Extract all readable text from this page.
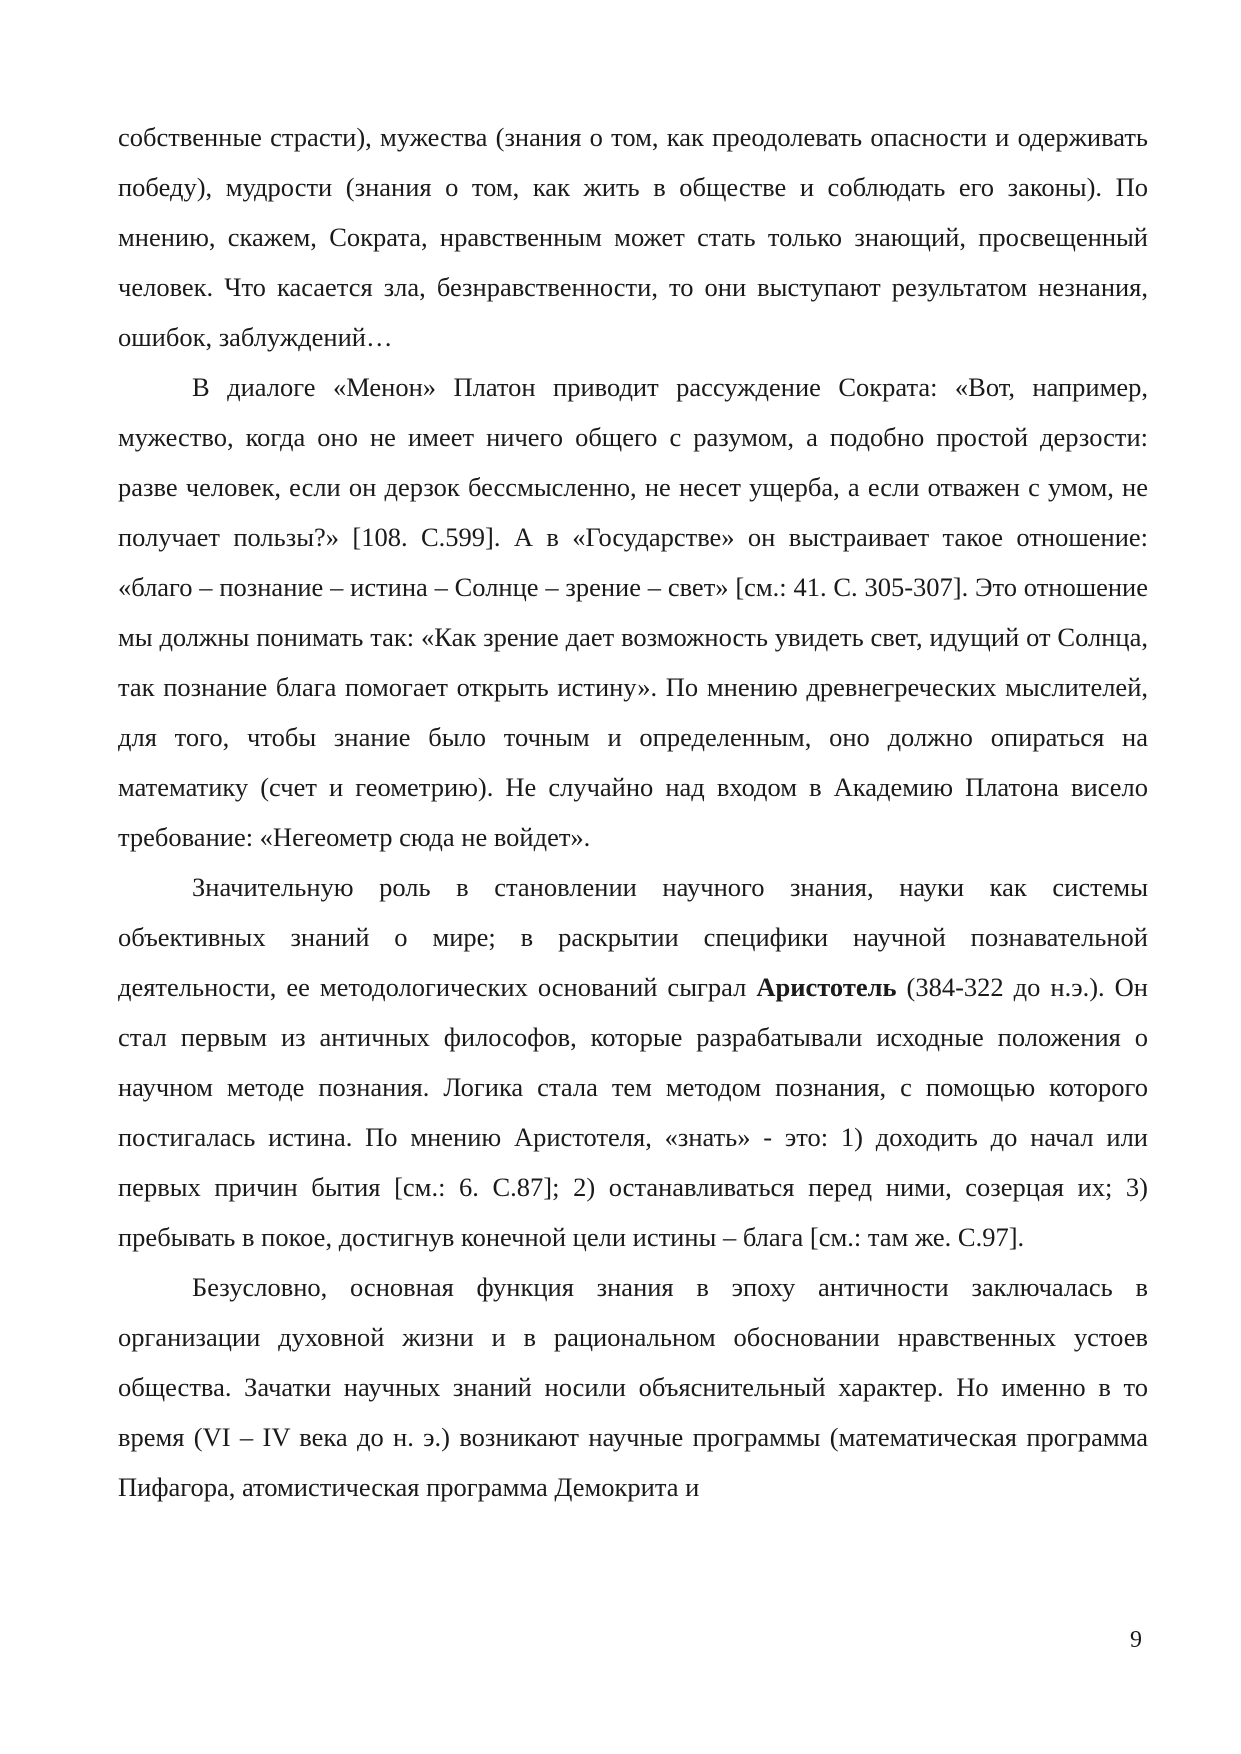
собственные страсти), мужества (знания о том, как преодолевать опасности и одерживать победу), мудрости (знания о том, как жить в обществе и соблюдать его законы). По мнению, скажем, Сократа, нравственным может стать только знающий, просвещенный человек. Что касается зла, безнравственности, то они выступают результатом незнания, ошибок, заблуждений…

В диалоге «Менон» Платон приводит рассуждение Сократа: «Вот, например, мужество, когда оно не имеет ничего общего с разумом, а подобно простой дерзости: разве человек, если он дерзок бессмысленно, не несет ущерба, а если отважен с умом, не получает пользы?» [108. С.599]. А в «Государстве» он выстраивает такое отношение: «благо – познание – истина – Солнце – зрение – свет» [см.: 41. С. 305-307]. Это отношение мы должны понимать так: «Как зрение дает возможность увидеть свет, идущий от Солнца, так познание блага помогает открыть истину». По мнению древнегреческих мыслителей, для того, чтобы знание было точным и определенным, оно должно опираться на математику (счет и геометрию). Не случайно над входом в Академию Платона висело требование: «Негеометр сюда не войдет».

Значительную роль в становлении научного знания, науки как системы объективных знаний о мире; в раскрытии специфики научной познавательной деятельности, ее методологических оснований сыграл Аристотель (384-322 до н.э.). Он стал первым из античных философов, которые разрабатывали исходные положения о научном методе познания. Логика стала тем методом познания, с помощью которого постигалась истина. По мнению Аристотеля, «знать» - это: 1) доходить до начал или первых причин бытия [см.: 6. С.87]; 2) останавливаться перед ними, созерцая их; 3) пребывать в покое, достигнув конечной цели истины – блага [см.: там же. С.97].

Безусловно, основная функция знания в эпоху античности заключалась в организации духовной жизни и в рациональном обосновании нравственных устоев общества. Зачатки научных знаний носили объяснительный характер. Но именно в то время (VI – IV века до н. э.) возникают научные программы (математическая программа Пифагора, атомистическая программа Демокрита и

9
